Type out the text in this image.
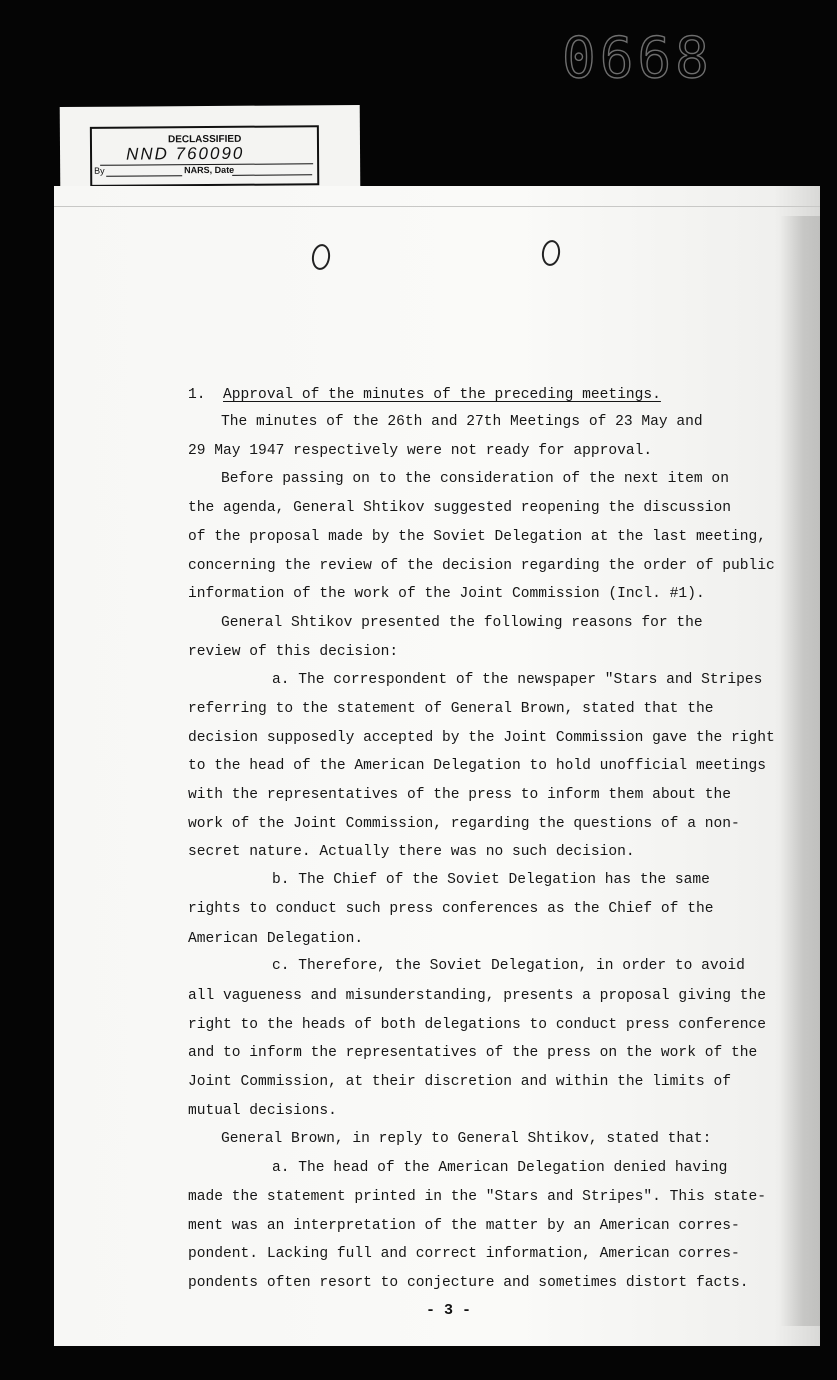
0668
DECLASSIFIED
NND 760090
By	NARS, Date
1. Approval of the minutes of the preceding meetings.
The minutes of the 26th and 27th Meetings of 23 May and
29 May 1947 respectively were not ready for approval.
Before passing on to the consideration of the next item on
the agenda, General Shtikov suggested reopening the discussion
of the proposal made by the Soviet Delegation at the last meeting,
concerning the review of the decision regarding the order of public
information of the work of the Joint Commission (Incl. #1).
General Shtikov presented the following reasons for the
review of this decision:
a. The correspondent of the newspaper "Stars and Stripes
referring to the statement of General Brown, stated that the
decision supposedly accepted by the Joint Commission gave the right
to the head of the American Delegation to hold unofficial meetings
with the representatives of the press to inform them about the
work of the Joint Commission, regarding the questions of a non-
secret nature. Actually there was no such decision.
b. The Chief of the Soviet Delegation has the same
rights to conduct such press conferences as the Chief of the
American Delegation.
c. Therefore, the Soviet Delegation, in order to avoid
all vagueness and misunderstanding, presents a proposal giving the
right to the heads of both delegations to conduct press conference
and to inform the representatives of the press on the work of the
Joint Commission, at their discretion and within the limits of
mutual decisions.
General Brown, in reply to General Shtikov, stated that:
a. The head of the American Delegation denied having
made the statement printed in the "Stars and Stripes". This state-
ment was an interpretation of the matter by an American corres-
pondent. Lacking full and correct information, American corres-
pondents often resort to conjecture and sometimes distort facts.
- 3 -
